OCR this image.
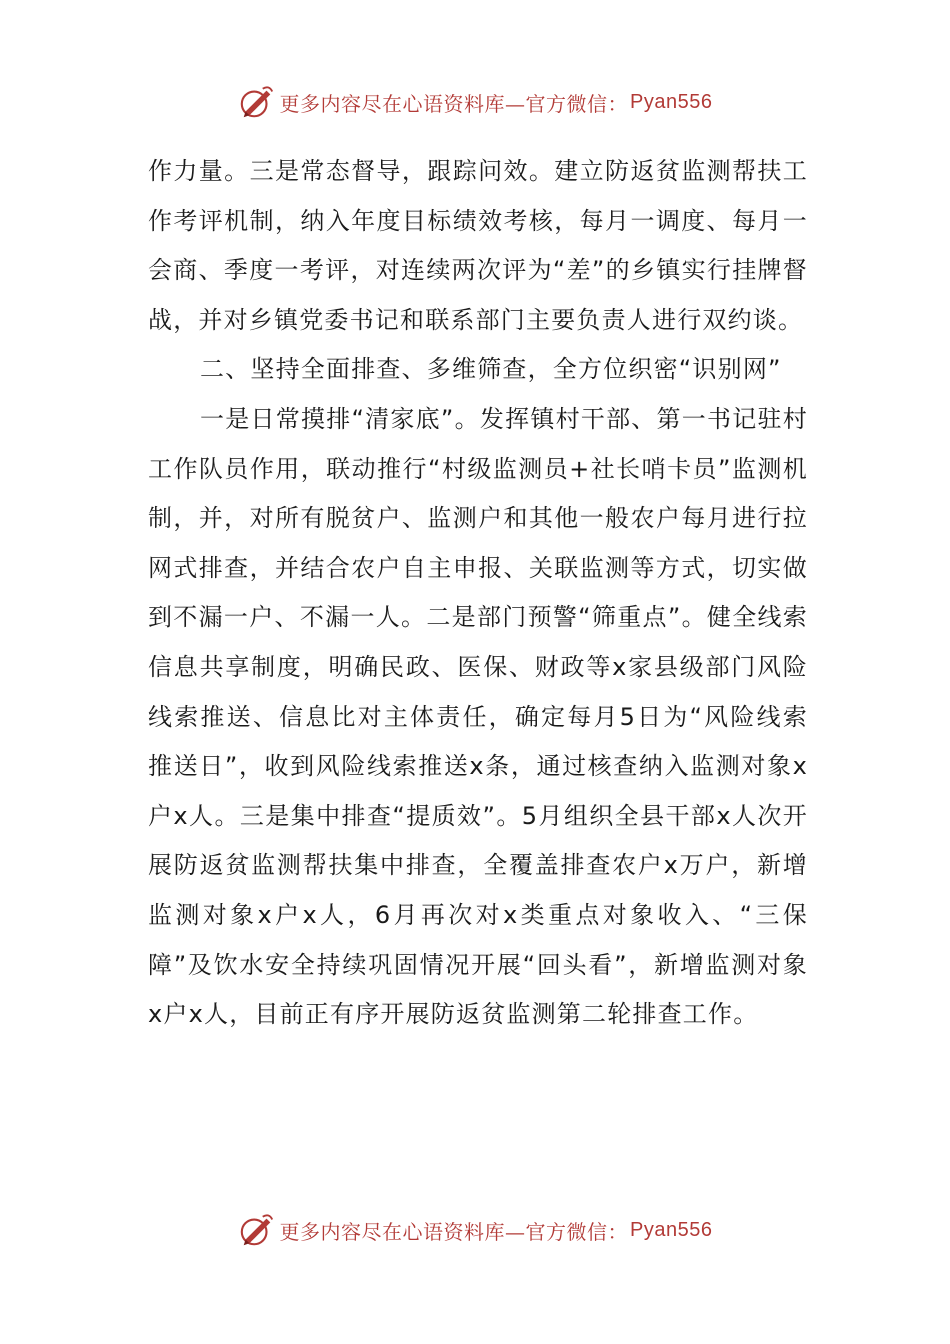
更多内容尽在心语资料库—官方微信： Pyan556

作力量。三是常态督导，跟踪问效。建立防返贫监测帮扶工作考评机制，纳入年度目标绩效考核，每月一调度、每月一会商、季度一考评，对连续两次评为“差”的乡镇实行挂牌督战，并对乡镇党委书记和联系部门主要负责人进行双约谈。

二、坚持全面排查、多维筛查，全方位织密“识别网”

一是日常摸排“清家底”。发挥镇村干部、第一书记驻村工作队员作用，联动推行“村级监测员+社长哨卡员”监测机制，并，对所有脱贫户、监测户和其他一般农户每月进行拉网式排查，并结合农户自主申报、关联监测等方式，切实做到不漏一户、不漏一人。二是部门预警“筛重点”。健全线索信息共享制度，明确民政、医保、财政等x家县级部门风险线索推送、信息比对主体责任，确定每月5日为“风险线索推送日”，收到风险线索推送x条，通过核查纳入监测对象x户x人。三是集中排查“提质效”。5月组织全县干部x人次开展防返贫监测帮扶集中排查，全覆盖排查农户x万户，新增监测对象x户x人，6月再次对x类重点对象收入、“三保障”及饮水安全持续巩固情况开展“回头看”，新增监测对象x户x人，目前正有序开展防返贫监测第二轮排查工作。

更多内容尽在心语资料库—官方微信： Pyan556
